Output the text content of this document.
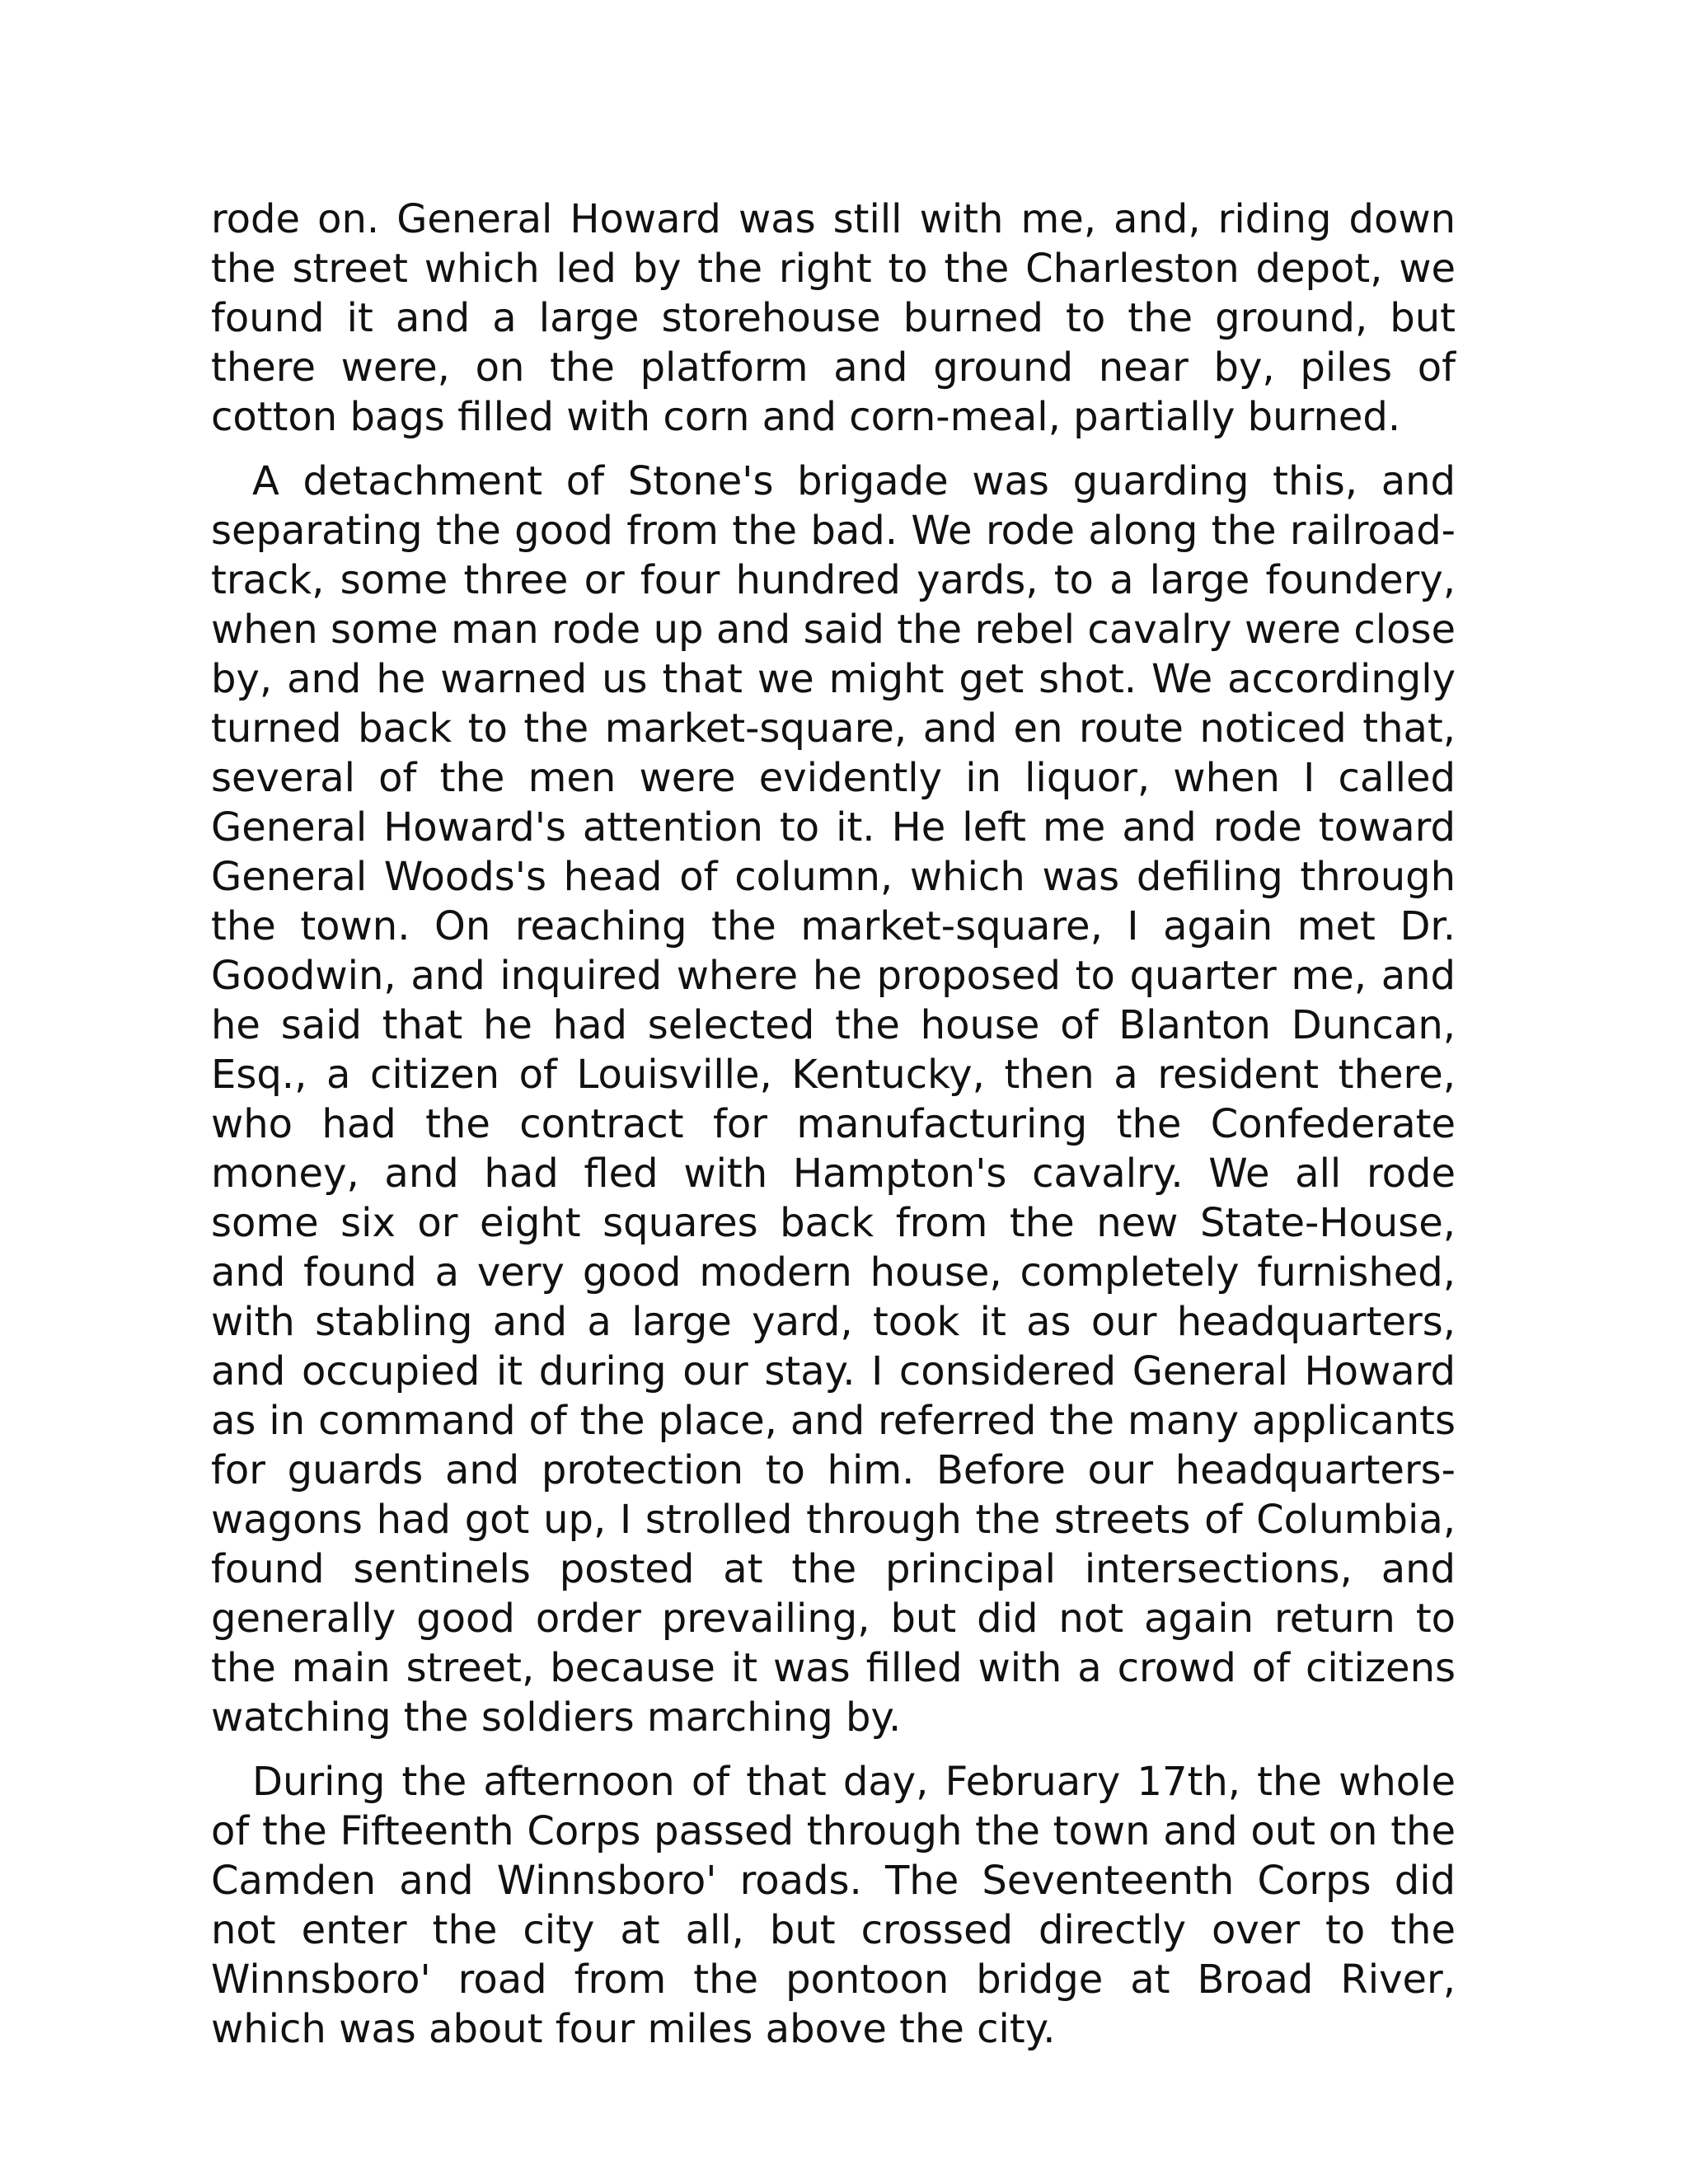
rode on. General Howard was still with me, and, riding down the street which led by the right to the Charleston depot, we found it and a large storehouse burned to the ground, but there were, on the platform and ground near by, piles of cotton bags filled with corn and corn-meal, partially burned.

A detachment of Stone's brigade was guarding this, and separating the good from the bad. We rode along the railroad-track, some three or four hundred yards, to a large foundery, when some man rode up and said the rebel cavalry were close by, and he warned us that we might get shot. We accordingly turned back to the market-square, and en route noticed that, several of the men were evidently in liquor, when I called General Howard's attention to it. He left me and rode toward General Woods's head of column, which was defiling through the town. On reaching the market-square, I again met Dr. Goodwin, and inquired where he proposed to quarter me, and he said that he had selected the house of Blanton Duncan, Esq., a citizen of Louisville, Kentucky, then a resident there, who had the contract for manufacturing the Confederate money, and had fled with Hampton's cavalry. We all rode some six or eight squares back from the new State-House, and found a very good modern house, completely furnished, with stabling and a large yard, took it as our headquarters, and occupied it during our stay. I considered General Howard as in command of the place, and referred the many applicants for guards and protection to him. Before our headquarters-wagons had got up, I strolled through the streets of Columbia, found sentinels posted at the principal intersections, and generally good order prevailing, but did not again return to the main street, because it was filled with a crowd of citizens watching the soldiers marching by.

During the afternoon of that day, February 17th, the whole of the Fifteenth Corps passed through the town and out on the Camden and Winnsboro' roads. The Seventeenth Corps did not enter the city at all, but crossed directly over to the Winnsboro' road from the pontoon bridge at Broad River, which was about four miles above the city.
